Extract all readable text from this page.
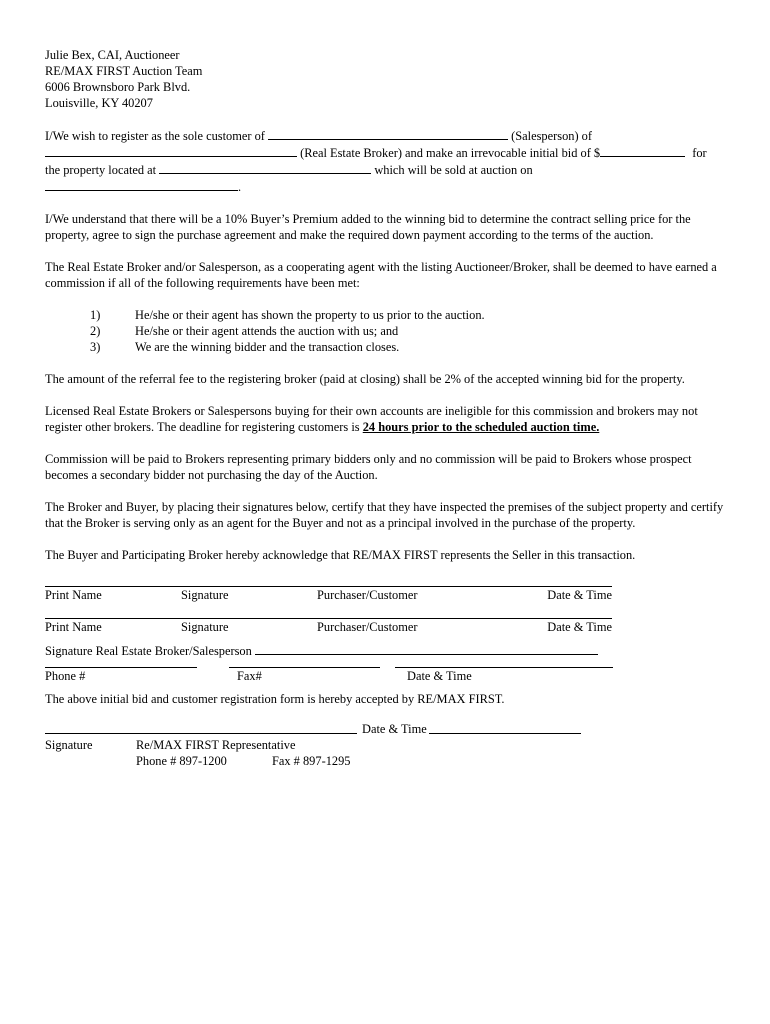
Julie Bex, CAI, Auctioneer
RE/MAX FIRST Auction Team
6006 Brownsboro Park Blvd.
Louisville, KY 40207
I/We wish to register as the sole customer of	(Salesperson) of
(Real Estate Broker) and make an irrevocable initial bid of $	for
the property located at	which will be sold at auction on
.

I/We understand that there will be a 10% Buyer’s Premium added to the winning bid to determine the contract selling price for the property, agree to sign the purchase agreement and make the required down payment according to the terms of the auction.

The Real Estate Broker and/or Salesperson, as a cooperating agent with the listing Auctioneer/Broker, shall be deemed to have earned a commission if all of the following requirements have been met:

1)	He/she or their agent has shown the property to us prior to the auction.
2)	He/she or their agent attends the auction with us; and
3)	We are the winning bidder and the transaction closes.

The amount of the referral fee to the registering broker (paid at closing) shall be 2% of the accepted winning bid for the property.

Licensed Real Estate Brokers or Salespersons buying for their own accounts are ineligible for this commission and brokers may not register other brokers. The deadline for registering customers is 24 hours prior to the scheduled auction time.

Commission will be paid to Brokers representing primary bidders only and no commission will be paid to Brokers whose prospect becomes a secondary bidder not purchasing the day of the Auction.

The Broker and Buyer, by placing their signatures below, certify that they have inspected the premises of the subject property and certify that the Broker is serving only as an agent for the Buyer and not as a principal involved in the purchase of the property.

The Buyer and Participating Broker hereby acknowledge that RE/MAX FIRST represents the Seller in this transaction.

Print Name	Signature	Purchaser/Customer	Date & Time
Print Name	Signature	Purchaser/Customer	Date & Time
Signature Real Estate Broker/Salesperson
Phone #	Fax#	Date & Time

The above initial bid and customer registration form is hereby accepted by RE/MAX FIRST.

Date & Time
Signature	Re/MAX FIRST Representative
Phone # 897-1200	Fax # 897-1295
